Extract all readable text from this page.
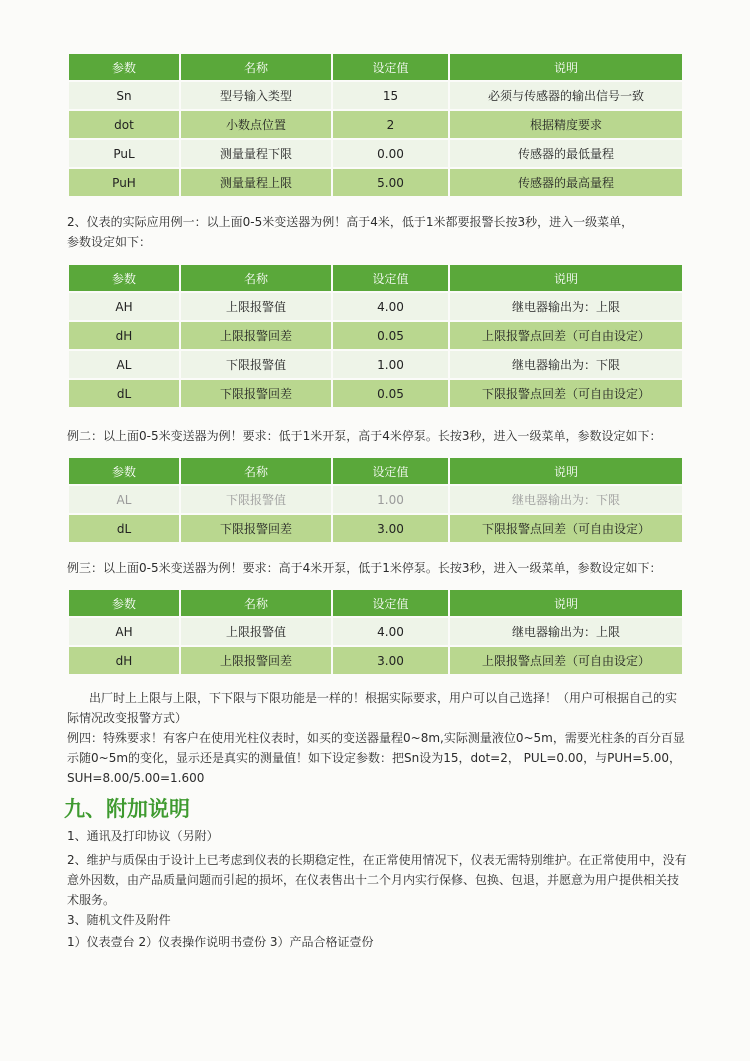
参数	名称	设定值	说明
Sn	型号输入类型	15	必须与传感器的输出信号一致
dot	小数点位置	2	根据精度要求
PuL	测量量程下限	0.00	传感器的最低量程
PuH	测量量程上限	5.00	传感器的最高量程

2、仪表的实际应用例一：以上面0-5米变送器为例！高于4米，低于1米都要报警长按3秒，进入一级菜单，
参数设定如下：

参数	名称	设定值	说明
AH	上限报警值	4.00	继电器输出为：上限
dH	上限报警回差	0.05	上限报警点回差（可自由设定）
AL	下限报警值	1.00	继电器输出为：下限
dL	下限报警回差	0.05	下限报警点回差（可自由设定）

例二：以上面0-5米变送器为例！要求：低于1米开泵，高于4米停泵。长按3秒，进入一级菜单，参数设定如下：

参数	名称	设定值	说明
AL	下限报警值	1.00	继电器输出为：下限
dL	下限报警回差	3.00	下限报警点回差（可自由设定）

例三：以上面0-5米变送器为例！要求：高于4米开泵，低于1米停泵。长按3秒，进入一级菜单，参数设定如下：

参数	名称	设定值	说明
AH	上限报警值	4.00	继电器输出为：上限
dH	上限报警回差	3.00	上限报警点回差（可自由设定）

出厂时上上限与上限，下下限与下限功能是一样的！根据实际要求，用户可以自己选择！（用户可根据自己的实际情况改变报警方式）

例四：特殊要求！有客户在使用光柱仪表时，如买的变送器量程0~8m,实际测量液位0~5m，需要光柱条的百分百显示随0~5m的变化，显示还是真实的测量值！如下设定参数：把Sn设为15，dot=2， PUL=0.00，与PUH=5.00，SUH=8.00/5.00=1.600

九、附加说明

1、通讯及打印协议（另附）

2、维护与质保由于设计上已考虑到仪表的长期稳定性，在正常使用情况下，仪表无需特别维护。在正常使用中，没有意外因数，由产品质量问题而引起的损坏，在仪表售出十二个月内实行保修、包换、包退，并愿意为用户提供相关技术服务。

3、随机文件及附件

1）仪表壹台 2）仪表操作说明书壹份 3）产品合格证壹份
